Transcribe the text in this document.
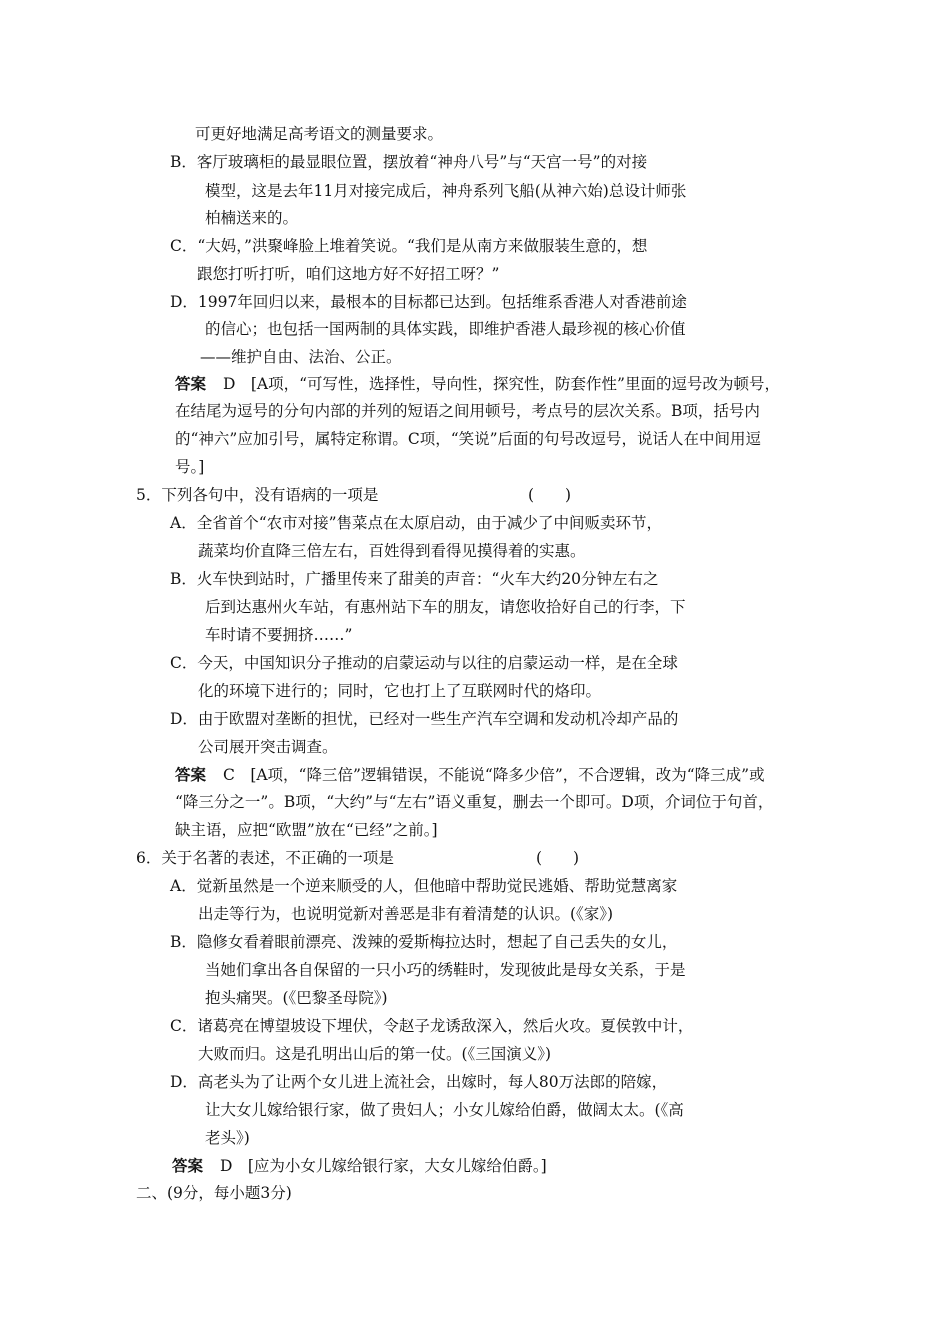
可更好地满足高考语文的测量要求。
B．客厅玻璃柜的最显眼位置，摆放着“神舟八号”与“天宫一号”的对接
模型，这是去年11月对接完成后，神舟系列飞船(从神六始)总设计师张
柏楠送来的。
C．“大妈，”洪聚峰脸上堆着笑说。“我们是从南方来做服装生意的，想
跟您打听打听，咱们这地方好不好招工呀？”
D．1997年回归以来，最根本的目标都已达到。包括维系香港人对香港前途
的信心；也包括一国两制的具体实践，即维护香港人最珍视的核心价值
——维护自由、法治、公正。
答案 D　[A项，“可写性，选择性，导向性，探究性，防套作性”里面的逗号改为顿号，
在结尾为逗号的分句内部的并列的短语之间用顿号，考点号的层次关系。B项，括号内
的“神六”应加引号，属特定称谓。C项，“笑说”后面的句号改逗号，说话人在中间用逗
号。]
5．下列各句中，没有语病的一项是	(　　)
A．全省首个“农市对接”售菜点在太原启动，由于减少了中间贩卖环节，
蔬菜均价直降三倍左右，百姓得到看得见摸得着的实惠。
B．火车快到站时，广播里传来了甜美的声音：“火车大约20分钟左右之
后到达惠州火车站，有惠州站下车的朋友，请您收拾好自己的行李，下
车时请不要拥挤……”
C．今天，中国知识分子推动的启蒙运动与以往的启蒙运动一样，是在全球
化的环境下进行的；同时，它也打上了互联网时代的烙印。
D．由于欧盟对垄断的担忧，已经对一些生产汽车空调和发动机冷却产品的
公司展开突击调查。
答案 C　[A项，“降三倍”逻辑错误，不能说“降多少倍”，不合逻辑，改为“降三成”或
“降三分之一”。B项，“大约”与“左右”语义重复，删去一个即可。D项，介词位于句首，
缺主语，应把“欧盟”放在“已经”之前。]
6．关于名著的表述，不正确的一项是	(　　)
A．觉新虽然是一个逆来顺受的人，但他暗中帮助觉民逃婚、帮助觉慧离家
出走等行为，也说明觉新对善恶是非有着清楚的认识。(《家》)
B．隐修女看着眼前漂亮、泼辣的爱斯梅拉达时，想起了自己丢失的女儿，
当她们拿出各自保留的一只小巧的绣鞋时，发现彼此是母女关系，于是
抱头痛哭。(《巴黎圣母院》)
C．诸葛亮在博望坡设下埋伏，令赵子龙诱敌深入，然后火攻。夏侯敦中计，
大败而归。这是孔明出山后的第一仗。(《三国演义》)
D．高老头为了让两个女儿进上流社会，出嫁时，每人80万法郎的陪嫁，
让大女儿嫁给银行家，做了贵妇人；小女儿嫁给伯爵，做阔太太。(《高
老头》)
答案 D　[应为小女儿嫁给银行家，大女儿嫁给伯爵。]
二、(9分，每小题3分)
